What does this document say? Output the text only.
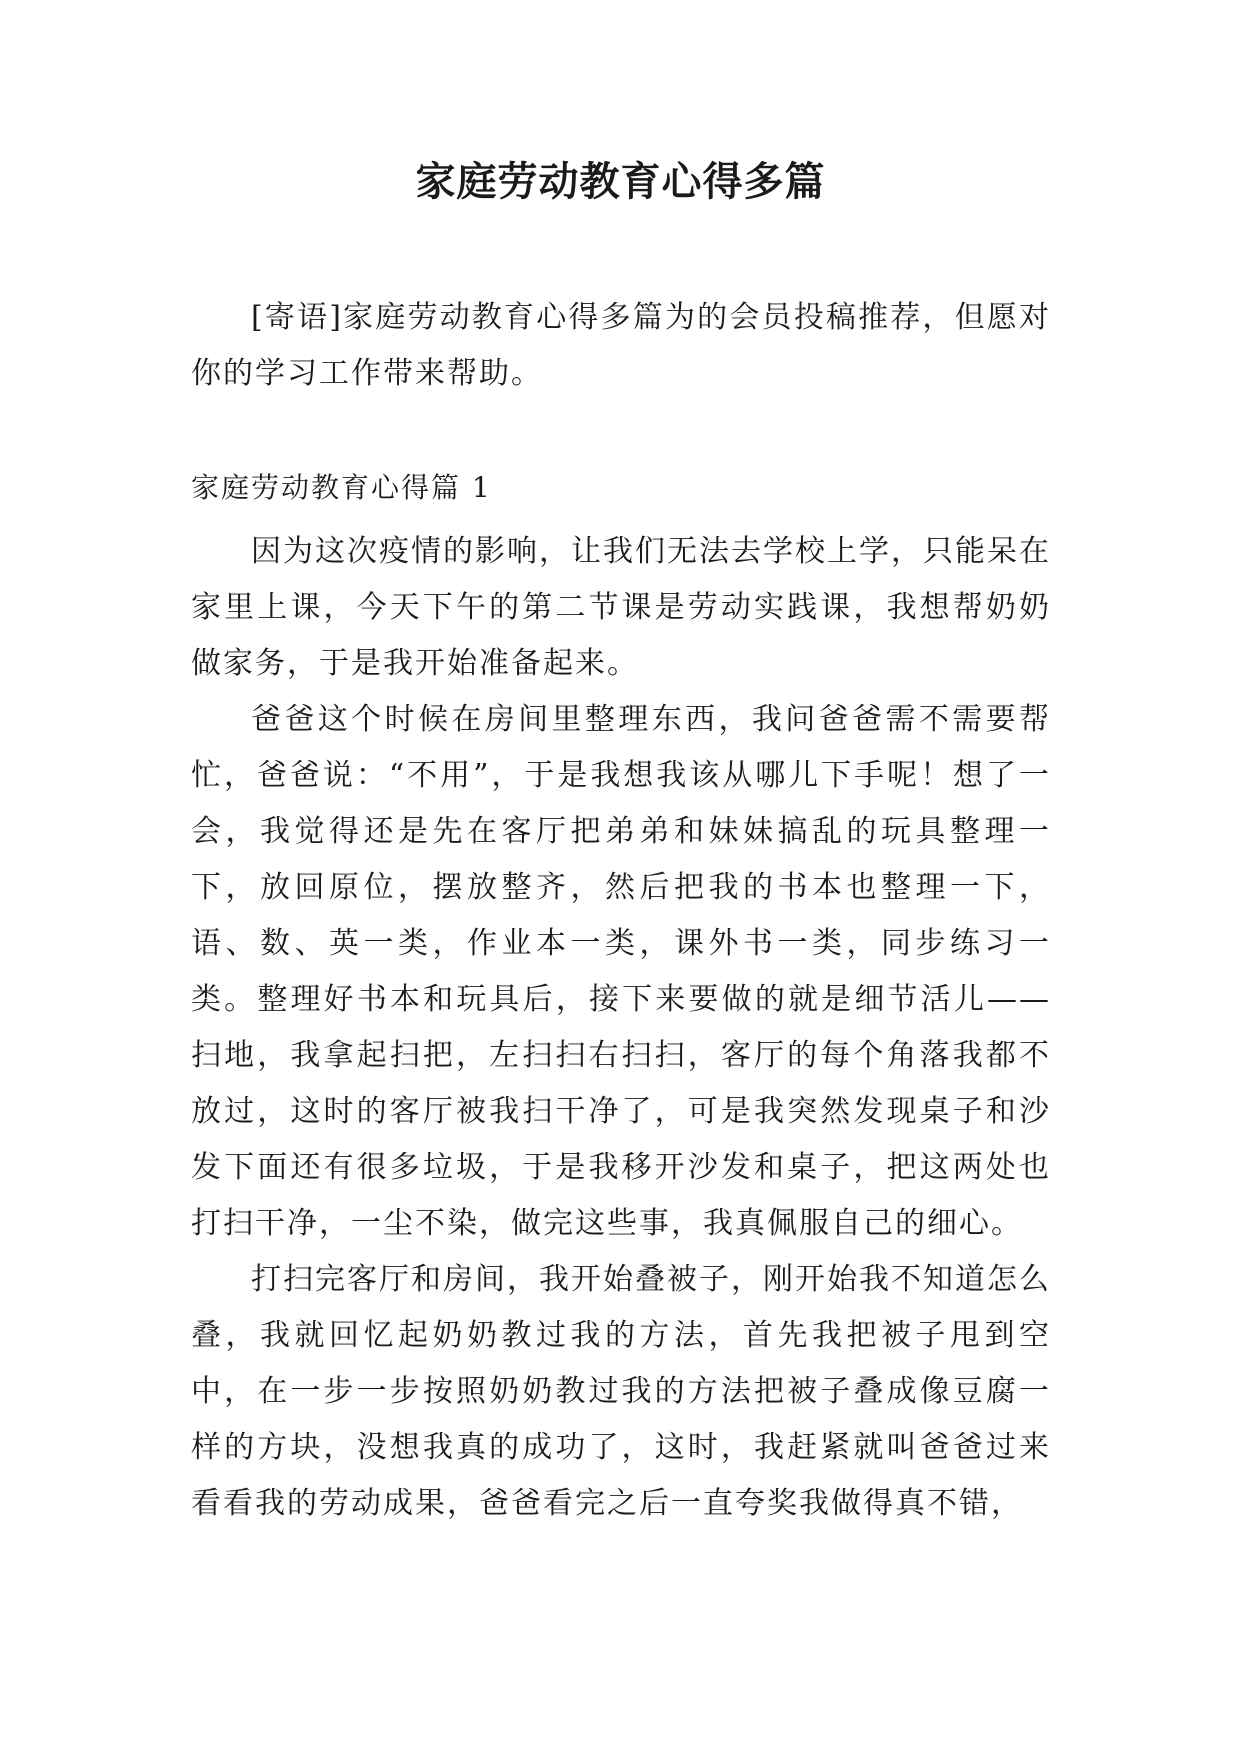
家庭劳动教育心得多篇

[寄语]家庭劳动教育心得多篇为的会员投稿推荐，但愿对你的学习工作带来帮助。

家庭劳动教育心得篇 1

因为这次疫情的影响，让我们无法去学校上学，只能呆在家里上课，今天下午的第二节课是劳动实践课，我想帮奶奶做家务，于是我开始准备起来。

爸爸这个时候在房间里整理东西，我问爸爸需不需要帮忙，爸爸说：“不用”，于是我想我该从哪儿下手呢！想了一会，我觉得还是先在客厅把弟弟和妹妹搞乱的玩具整理一下，放回原位，摆放整齐，然后把我的书本也整理一下，语、数、英一类，作业本一类，课外书一类，同步练习一类。整理好书本和玩具后，接下来要做的就是细节活儿——扫地，我拿起扫把，左扫扫右扫扫，客厅的每个角落我都不放过，这时的客厅被我扫干净了，可是我突然发现桌子和沙发下面还有很多垃圾，于是我移开沙发和桌子，把这两处也打扫干净，一尘不染，做完这些事，我真佩服自己的细心。

打扫完客厅和房间，我开始叠被子，刚开始我不知道怎么叠，我就回忆起奶奶教过我的方法，首先我把被子甩到空中，在一步一步按照奶奶教过我的方法把被子叠成像豆腐一样的方块，没想我真的成功了，这时，我赶紧就叫爸爸过来看看我的劳动成果，爸爸看完之后一直夸奖我做得真不错，
